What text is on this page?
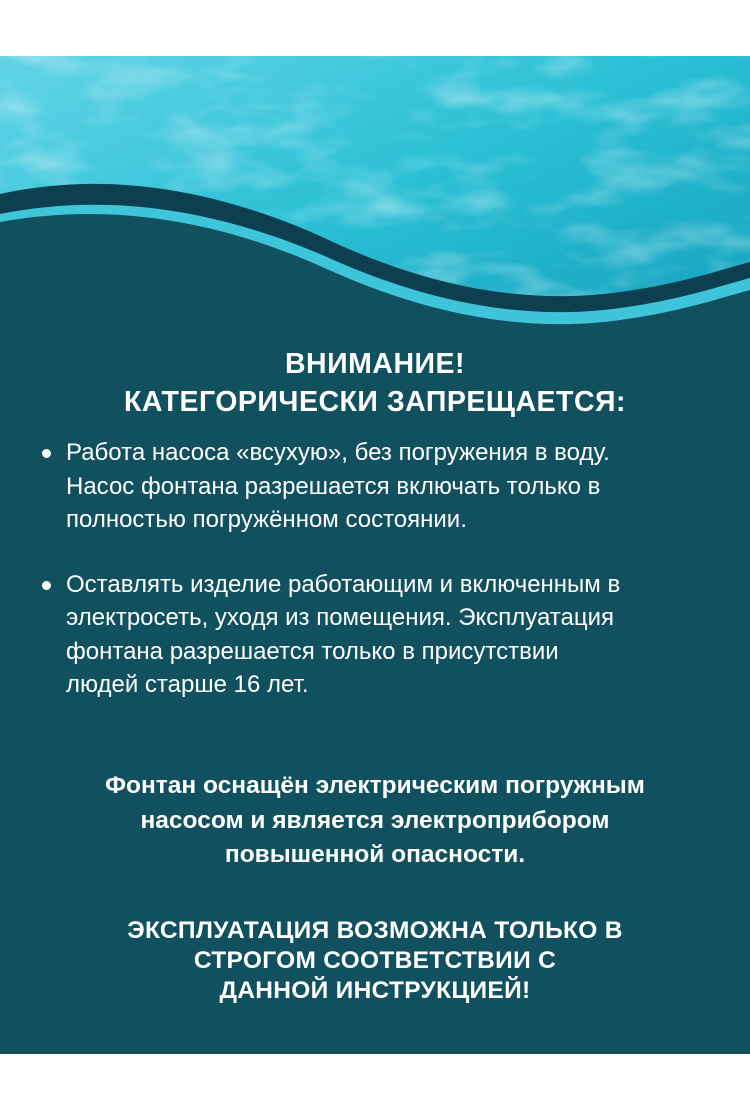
ВНИМАНИЕ!
КАТЕГОРИЧЕСКИ ЗАПРЕЩАЕТСЯ:
Работа насоса «всухую», без погружения в воду.
Насос фонтана разрешается включать только в
полностью погружённом состоянии.
Оставлять изделие работающим и включенным в
электросеть, уходя из помещения. Эксплуатация
фонтана разрешается только в присутствии
людей старше 16 лет.
Фонтан оснащён электрическим погружным
насосом и является электроприбором
повышенной опасности.
ЭКСПЛУАТАЦИЯ ВОЗМОЖНА ТОЛЬКО В
СТРОГОМ СООТВЕТСТВИИ С
ДАННОЙ ИНСТРУКЦИЕЙ!
